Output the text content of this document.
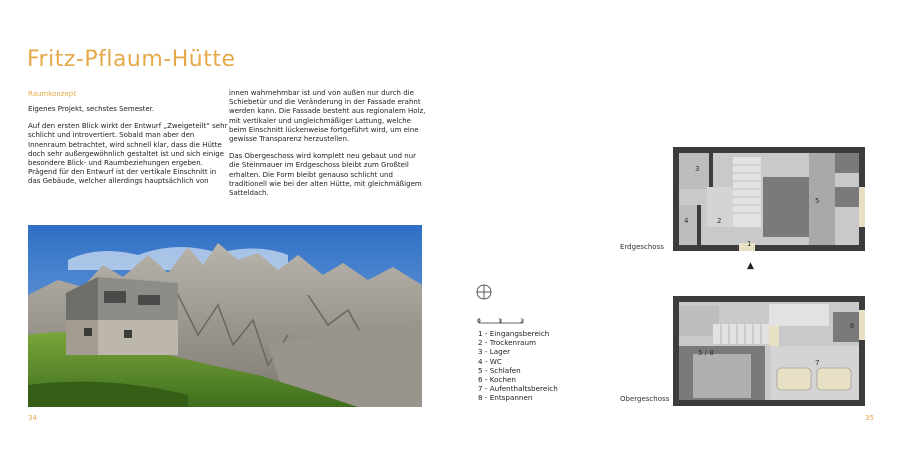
Fritz-Pflaum-Hütte
Raumkonzept

Eigenes Projekt, sechstes Semester.

Auf den ersten Blick wirkt der Entwurf „Zweigeteilt“ sehr schlicht und introvertiert. Sobald man aber den Innenraum betrachtet, wird schnell klar, dass die Hütte doch sehr außergewöhnlich gestaltet ist und sich einige besondere Blick- und Raumbeziehungen ergeben.

Prägend für den Entwurf ist der vertikale Einschnitt in das Gebäude, welcher allerdings hauptsächlich von

innen wahrnehmbar ist und von außen nur durch die Schiebetür und die Veränderung in der Fassade erahnt werden kann. Die Fassade besteht aus regionalem Holz, mit vertikaler und ungleichmäßiger Lattung, welche beim Einschnitt lückenweise fortgeführt wird, um eine gewisse Transparenz herzustellen.

Das Obergeschoss wird komplett neu gebaut und nur die Steinmauer im Erdgeschoss bleibt zum Großteil erhalten. Die Form bleibt genauso schlicht und traditionell wie bei der alten Hütte, mit gleichmäßigem Satteldach.

34	35
0	1	2
1 - Eingangsbereich
2 - Trockenraum
3 - Lager
4 - WC
5 - Schlafen
6 - Kochen
7 - Aufenthaltsbereich
8 - Entspannen
Erdgeschoss
3
4	2
1
5
▲
Obergeschoss
5 / 8
7
6
